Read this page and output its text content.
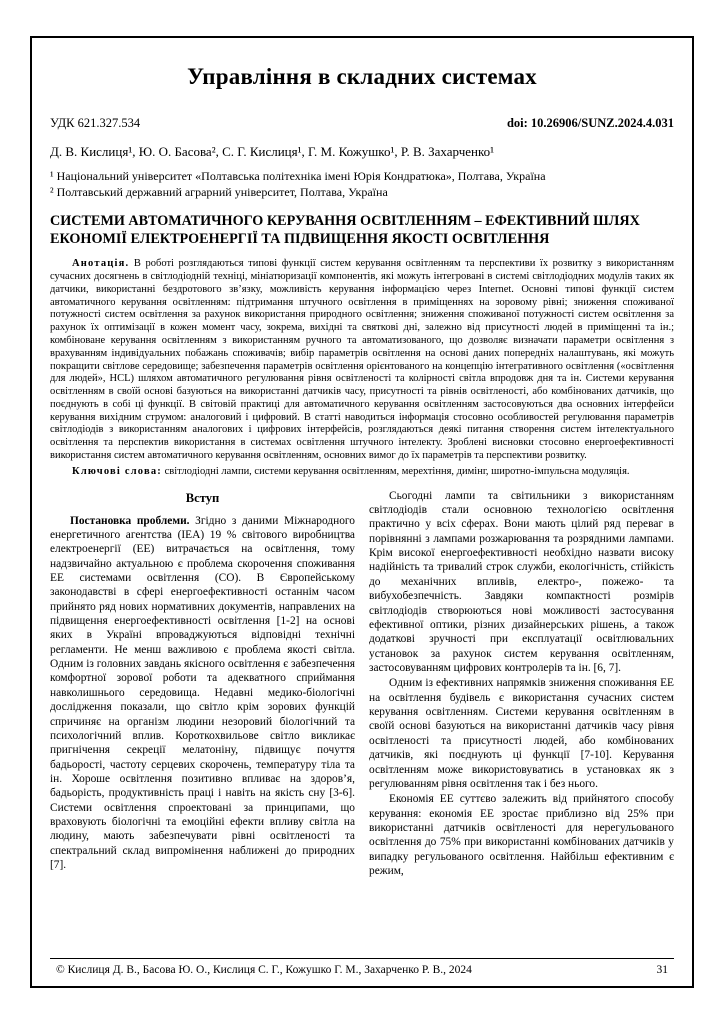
Управління в складних системах
УДК 621.327.534	doi: 10.26906/SUNZ.2024.4.031
Д. В. Кислиця¹, Ю. О. Басова², С. Г. Кислиця¹, Г. М. Кожушко¹, Р. В. Захарченко¹
¹ Національний університет «Полтавська політехніка імені Юрія Кондратюка», Полтава, Україна
² Полтавський державний аграрний університет, Полтава, Україна
СИСТЕМИ АВТОМАТИЧНОГО КЕРУВАННЯ ОСВІТЛЕННЯМ – ЕФЕКТИВНИЙ ШЛЯХ ЕКОНОМІЇ ЕЛЕКТРОЕНЕРГІЇ ТА ПІДВИЩЕННЯ ЯКОСТІ ОСВІТЛЕННЯ

Анотація. В роботі розглядаються типові функції систем керування освітленням та перспективи їх розвитку з використанням сучасних досягнень в світлодіодній техніці, мініатюризації компонентів, які можуть інтегровані в системі світлодіодних модулів таких як датчики, використанні бездротового зв’язку, можливість керування інформацією через Internet. Основні типові функції систем автоматичного керування освітленням: підтримання штучного освітлення в приміщеннях на зоровому рівні; зниження споживаної потужності систем освітлення за рахунок використання природного освітлення; зниження споживаної потужності систем освітлення за рахунок їх оптимізації в кожен момент часу, зокрема, вихідні та святкові дні, залежно від присутності людей в приміщенні та ін.; комбіноване керування освітленням з використанням ручного та автоматизованого, що дозволяє визначати параметри освітлення з врахуванням індивідуальних побажань споживачів; вибір параметрів освітлення на основі даних попередніх налаштувань, які можуть покращити світлове середовище; забезпечення параметрів освітлення орієнтованого на концепцію інтегративного освітлення («освітлення для людей», HCL) шляхом автоматичного регулювання рівня освітленості та колірності світла впродовж дня та ін. Системи керування освітленням в своїй основі базуються на використанні датчиків часу, присутності та рівнів освітленості, або комбінованих датчиків, що поєднують в собі ці функції. В світовій практиці для автоматичного керування освітленням застосовуються два основних інтерфейси керування вихідним струмом: аналоговий і цифровий. В статті наводиться інформація стосовно особливостей регулювання параметрів світлодіодів з використанням аналогових і цифрових інтерфейсів, розглядаються деякі питання створення систем інтелектуального освітлення та перспектив використання в системах освітлення штучного інтелекту. Зроблені висновки стосовно енергоефективності використання систем автоматичного керування освітленням, основних вимог до їх параметрів та перспективи розвитку.

Ключові слова: світлодіодні лампи, системи керування освітленням, мерехтіння, димінг, широтно-імпульсна модуляція.

Вступ

Постановка проблеми. Згідно з даними Міжнародного енергетичного агентства (ІЕА) 19 % світового виробництва електроенергії (ЕЕ) витрачається на освітлення, тому надзвичайно актуальною є проблема скорочення споживання ЕЕ системами освітлення (СО). В Європейському законодавстві в сфері енергоефективності останнім часом прийнято ряд нових нормативних документів, направлених на підвищення енергоефективності освітлення [1-2] на основі яких в Україні впроваджуються відповідні технічні регламенти. Не менш важливою є проблема якості світла. Одним із головних завдань якісного освітлення є забезпечення комфортної зорової роботи та адекватного сприймання навколишнього середовища. Недавні медико-біологічні дослідження показали, що світло крім зорових функцій спричиняє на організм людини незоровий біологічний та психологічний вплив. Короткохвильове світло викликає пригнічення секреції мелатоніну, підвищує почуття бадьорості, частоту серцевих скорочень, температуру тіла та ін. Хороше освітлення позитивно впливає на здоров’я, бадьорість, продуктивність праці і навіть на якість сну [3-6]. Системи освітлення спроектовані за принципами, що враховують біологічні та емоційні ефекти впливу світла на людину, мають забезпечувати рівні освітленості та спектральний склад випромінення наближені до природних [7].

Сьогодні лампи та світильники з використанням світлодіодів стали основною технологією освітлення практично у всіх сферах. Вони мають цілий ряд переваг в порівнянні з лампами розжарювання та розрядними лампами. Крім високої енергоефективності необхідно назвати високу надійність та тривалий строк служби, екологічність, стійкість до механічних впливів, електро-, пожежо- та вибухобезпечність. Завдяки компактності розмірів світлодіодів створюються нові можливості застосування ефективної оптики, різних дизайнерських рішень, а також додаткові зручності при експлуатації освітлювальних установок за рахунок систем керування освітленням, застосовуванням цифрових контролерів та ін. [6, 7].

Одним із ефективних напрямків зниження споживання ЕЕ на освітлення будівель є використання сучасних систем керування освітленням. Системи керування освітленням в своїй основі базуються на використанні датчиків часу рівня освітленості та присутності людей, або комбінованих датчиків, які поєднують ці функції [7-10]. Керування освітленням може використовуватись в установках як з регулюванням рівня освітлення так і без нього.

Економія ЕЕ суттєво залежить від прийнятого способу керування: економія ЕЕ зростає приблизно від 25% при використанні датчиків освітленості для нерегульованого освітлення до 75% при використанні комбінованих датчиків у випадку регульованого освітлення. Найбільш ефективним є режим,

© Кислиця Д. В., Басова Ю. О., Кислиця С. Г., Кожушко Г. М., Захарченко Р. В., 2024	31
